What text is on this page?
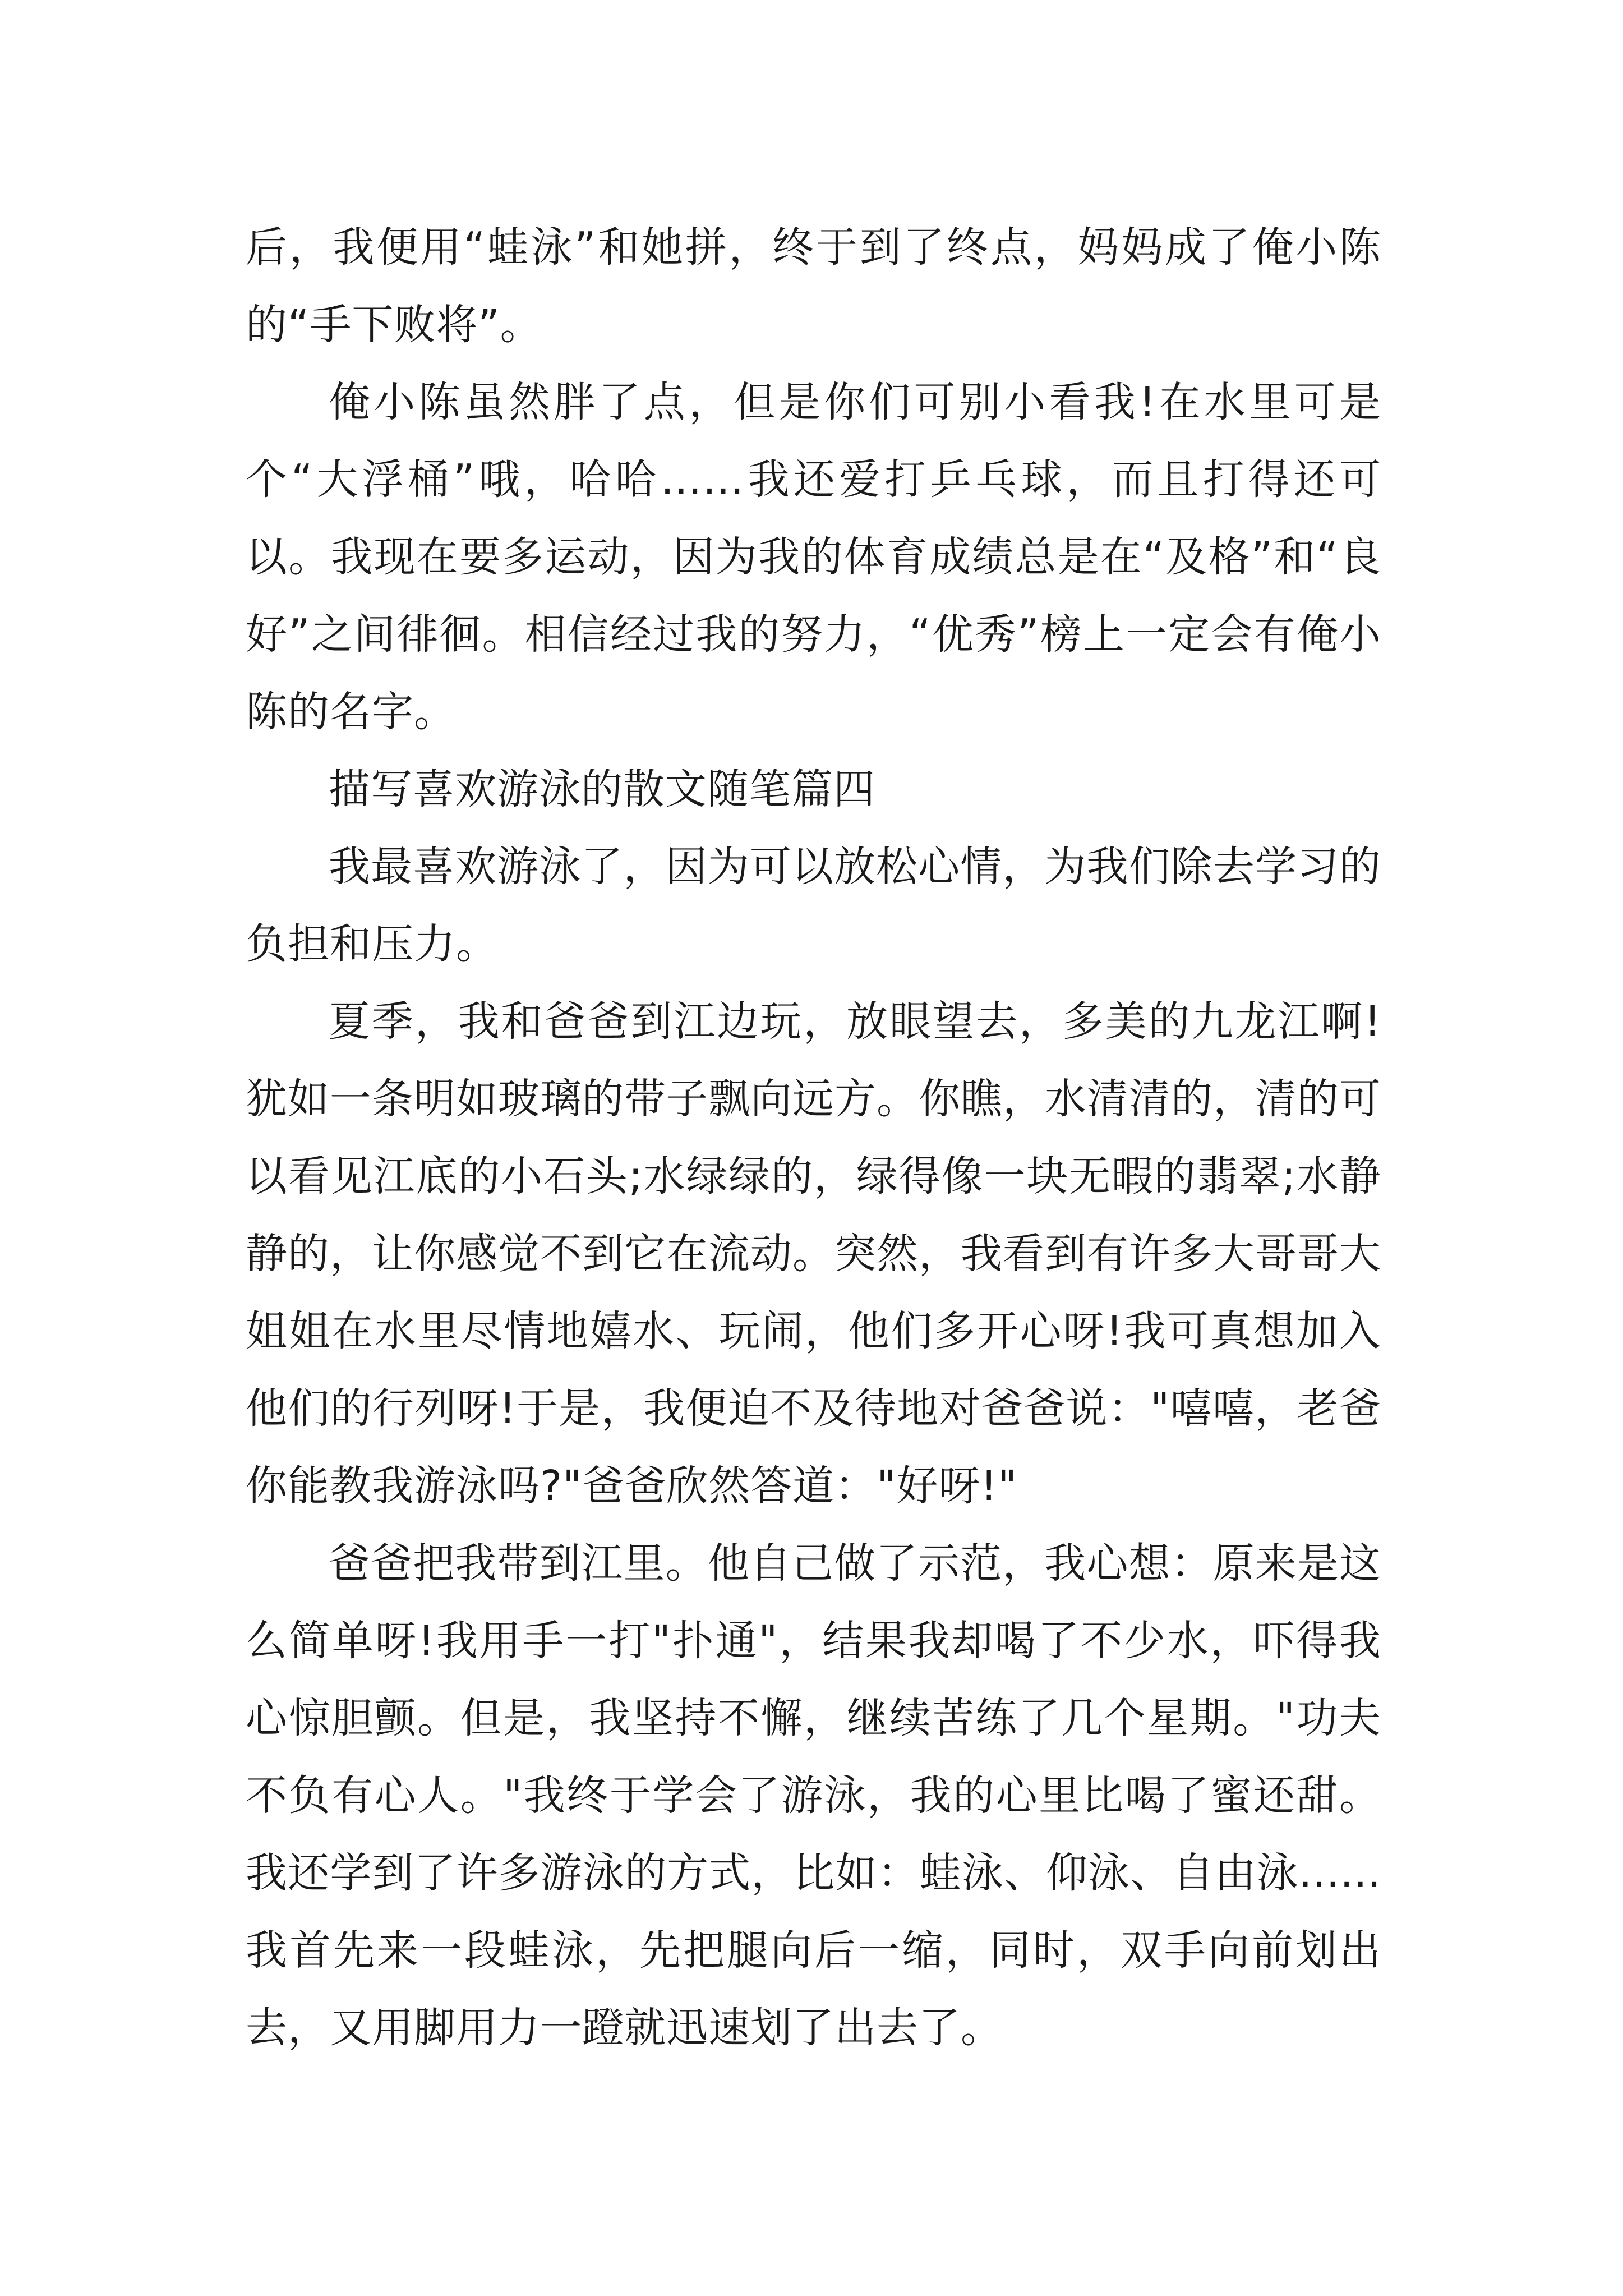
后，我便用“蛙泳”和她拼，终于到了终点，妈妈成了俺小陈的“手下败将”。

俺小陈虽然胖了点，但是你们可别小看我!在水里可是个“大浮桶”哦，哈哈……我还爱打乒乓球，而且打得还可以。我现在要多运动，因为我的体育成绩总是在“及格”和“良好”之间徘徊。相信经过我的努力，“优秀”榜上一定会有俺小陈的名字。

描写喜欢游泳的散文随笔篇四

我最喜欢游泳了，因为可以放松心情，为我们除去学习的负担和压力。

夏季，我和爸爸到江边玩，放眼望去，多美的九龙江啊!犹如一条明如玻璃的带子飘向远方。你瞧，水清清的，清的可以看见江底的小石头;水绿绿的，绿得像一块无暇的翡翠;水静静的，让你感觉不到它在流动。突然，我看到有许多大哥哥大姐姐在水里尽情地嬉水、玩闹，他们多开心呀!我可真想加入他们的行列呀!于是，我便迫不及待地对爸爸说："嘻嘻，老爸你能教我游泳吗?"爸爸欣然答道："好呀!"

爸爸把我带到江里。他自己做了示范，我心想：原来是这么简单呀!我用手一打"扑通"，结果我却喝了不少水，吓得我心惊胆颤。但是，我坚持不懈，继续苦练了几个星期。"功夫不负有心人。"我终于学会了游泳，我的心里比喝了蜜还甜。我还学到了许多游泳的方式，比如：蛙泳、仰泳、自由泳......我首先来一段蛙泳，先把腿向后一缩，同时，双手向前划出去，又用脚用力一蹬就迅速划了出去了。
